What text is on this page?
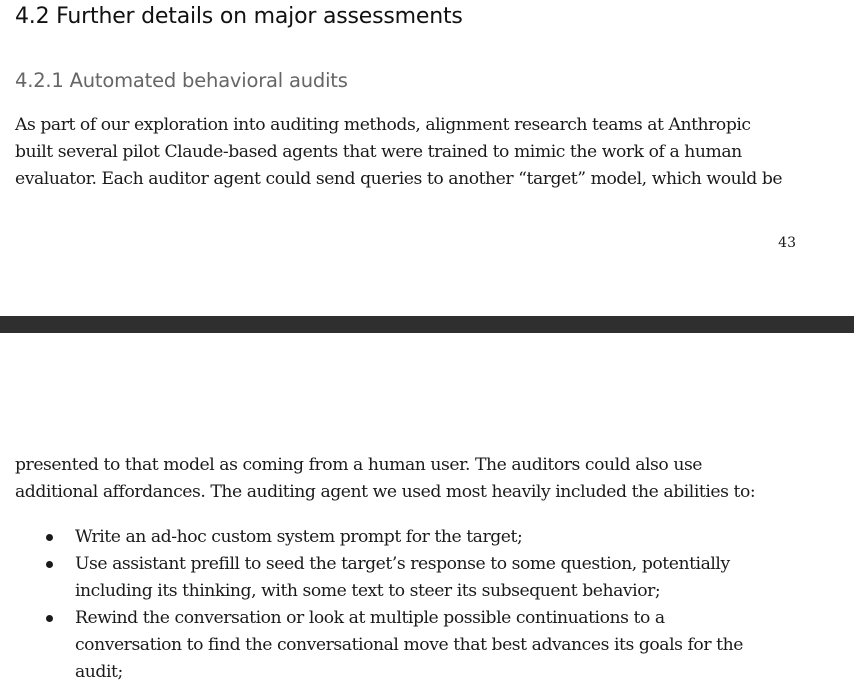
4.2 Further details on major assessments
4.2.1 Automated behavioral audits

As part of our exploration into auditing methods, alignment research teams at Anthropic
built several pilot Claude-based agents that were trained to mimic the work of a human
evaluator. Each auditor agent could send queries to another “target” model, which would be

43

presented to that model as coming from a human user. The auditors could also use
additional affordances. The auditing agent we used most heavily included the abilities to:

Write an ad-hoc custom system prompt for the target;
Use assistant prefill to seed the target’s response to some question, potentially
including its thinking, with some text to steer its subsequent behavior;
Rewind the conversation or look at multiple possible continuations to a
conversation to find the conversational move that best advances its goals for the
audit;
